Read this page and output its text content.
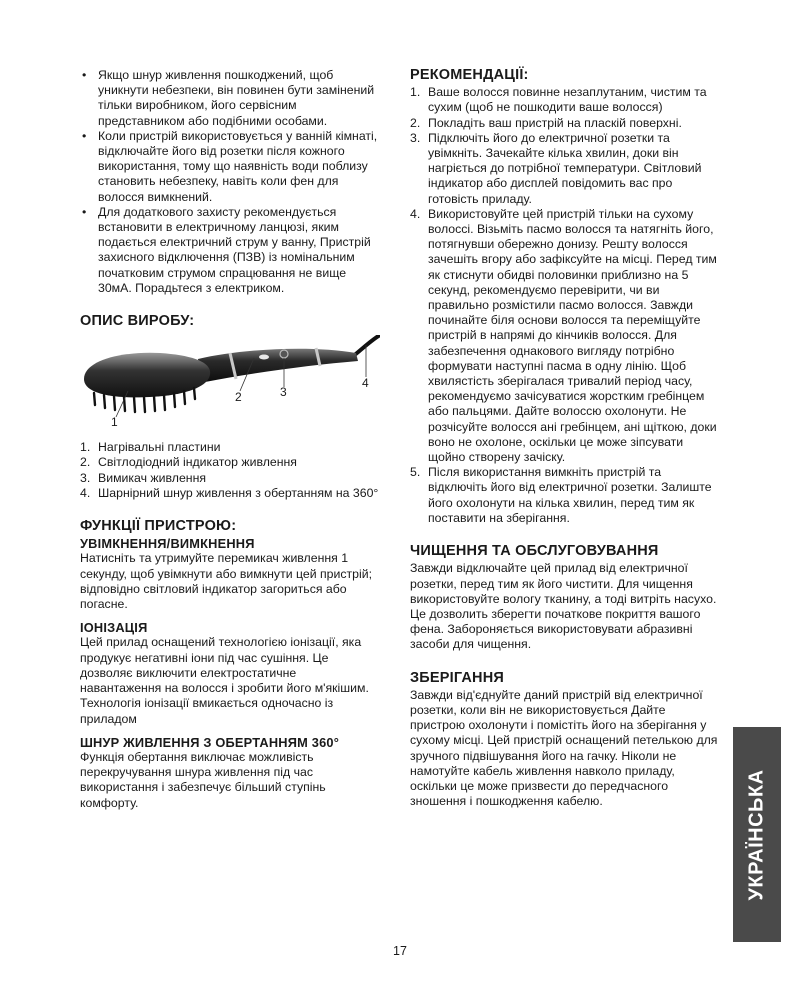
• Якщо шнур живлення пошкоджений, щоб уникнути небезпеки, він повинен бути замінений тільки виробником, його сервісним представником або подібними особами.
• Коли пристрій використовується у ванній кімнаті, відключайте його від розетки після кожного використання, тому що наявність води поблизу становить небезпеку, навіть коли фен для волосся вимкнений.
• Для додаткового захисту рекомендується встановити в електричному ланцюзі, яким подається електричний струм у ванну, Пристрій захисного відключення (ПЗВ) із номінальним початковим струмом спрацювання не вище 30мА. Порадьтеся з електриком.
ОПИС ВИРОБУ:
1
2	3
4
1. Нагрівальні пластини
2. Світлодіодний індикатор живлення
3. Вимикач живлення
4. Шарнірний шнур живлення з обертанням на 360°
ФУНКЦІЇ ПРИСТРОЮ:
УВІМКНЕННЯ/ВИМКНЕННЯ

Натисніть та утримуйте перемикач живлення 1 секунду, щоб увімкнути або вимкнути цей пристрій; відповідно світловий індикатор загориться або погасне.

ІОНІЗАЦІЯ

Цей прилад оснащений технологією іонізації, яка продукує негативні іони під час сушіння. Це дозволяє виключити електростатичне навантаження на волосся і зробити його м'якішим. Технологія іонізації вмикається одночасно із приладом

ШНУР ЖИВЛЕННЯ З ОБЕРТАННЯМ 360°

Функція обертання виключає можливість перекручування шнура живлення під час використання і забезпечує більший ступінь комфорту.

РЕКОМЕНДАЦІЇ:
1. Ваше волосся повинне незаплутаним, чистим та сухим (щоб не пошкодити ваше волосся)
2. Покладіть ваш пристрій на пласкій поверхні.
3. Підключіть його до електричної розетки та увімкніть. Зачекайте кілька хвилин, доки він нагріється до потрібної температури. Світловий індикатор або дисплей повідомить вас про готовість приладу.
4. Використовуйте цей пристрій тільки на сухому волоссі. Візьміть пасмо волосся та натягніть його, потягнувши обережно донизу. Решту волосся зачешіть вгору або зафіксуйте на місці. Перед тим як стиснути обидві половинки приблизно на 5 секунд, рекомендуємо перевірити, чи ви правильно розмістили пасмо волосся. Завжди починайте біля основи волосся та переміщуйте пристрій в напрямі до кінчиків волосся. Для забезпечення однакового вигляду потрібно формувати наступні пасма в одну лінію. Щоб хвилястість зберігалася тривалий період часу, рекомендуємо зачісуватися жорстким гребінцем або пальцями. Дайте волоссю охолонути. Не розчісуйте волосся ані гребінцем, ані щіткою, доки воно не охолоне, оскільки це може зіпсувати щойно створену зачіску.
5. Після використання вимкніть пристрій та відключіть його від електричної розетки. Залиште його охолонути на кілька хвилин, перед тим як поставити на зберігання.
ЧИЩЕННЯ ТА ОБСЛУГОВУВАННЯ

Завжди відключайте цей прилад від електричної розетки, перед тим як його чистити. Для чищення використовуйте вологу тканину, а тоді витріть насухо. Це дозволить зберегти початкове покриття вашого фена. Забороняється використовувати абразивні засоби для чищення.

ЗБЕРІГАННЯ

Завжди від'єднуйте даний пристрій від електричної розетки, коли він не використовується Дайте пристрою охолонути і помістіть його на зберігання у сухому місці. Цей пристрій оснащений петелькою для зручного підвішування його на гачку. Ніколи не намотуйте кабель живлення навколо приладу, оскільки це може призвести до передчасного зношення і пошкодження кабелю.	УКРАЇНСЬКА
17
